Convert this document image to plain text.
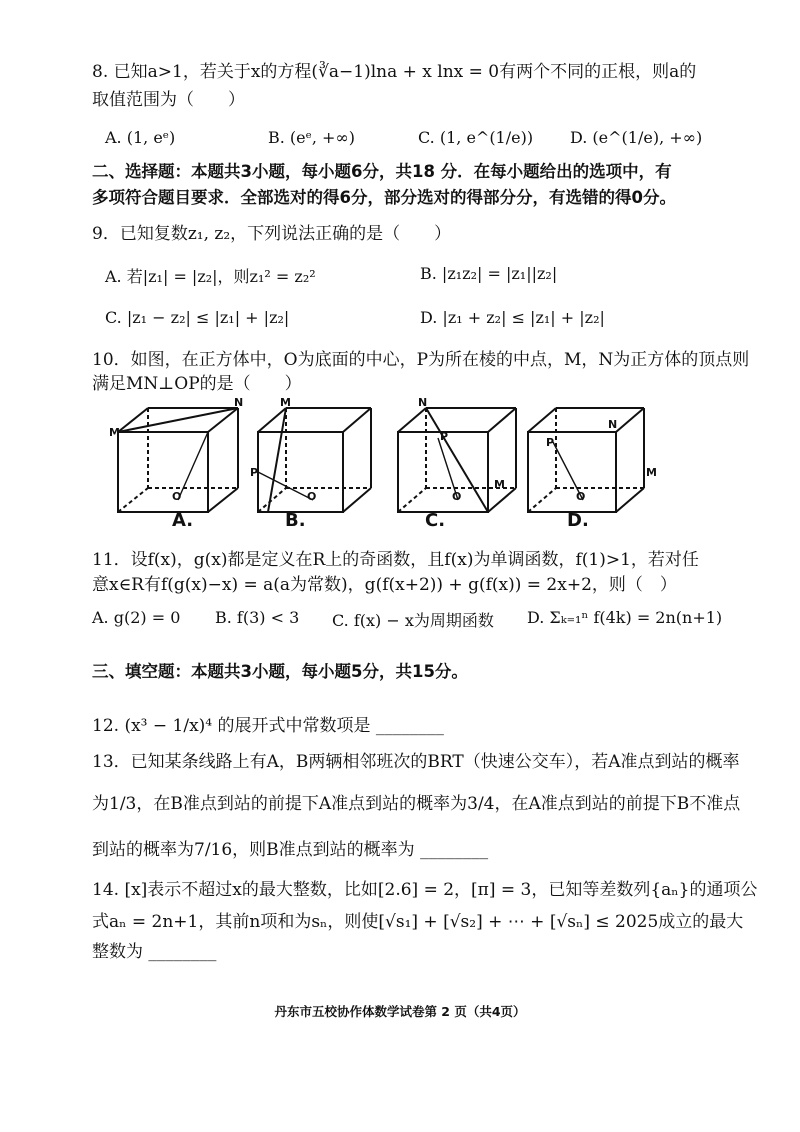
8. 已知a>1，若关于x的方程(∛a−1)lna + x lnx = 0有两个不同的正根，则a的
取值范围为（　　）
A. (1, eᵉ)	B. (eᵉ, +∞)	C. (1, e^(1/e)) D. (e^(1/e), +∞)
二、选择题：本题共3小题，每小题6分，共18 分．在每小题给出的选项中，有
多项符合题目要求．全部选对的得6分，部分选对的得部分分，有选错的得0分。
9．已知复数z₁, z₂，下列说法正确的是（　　）
A. 若|z₁| = |z₂|，则z₁² = z₂²	B. |z₁z₂| = |z₁||z₂|
C. |z₁ − z₂| ≤ |z₁| + |z₂|	D. |z₁ + z₂| ≤ |z₁| + |z₂|
10．如图，在正方体中，O为底面的中心，P为所在棱的中点，M，N为正方体的顶点则
满足MN⊥OP的是（　　）
M
N
O
M
P
O
N
P
O
M
P
O
N
M
A.	B.	C.	D.
11．设f(x)，g(x)都是定义在R上的奇函数，且f(x)为单调函数，f(1)>1，若对任
意x∈R有f(g(x)−x) = a(a为常数)，g(f(x+2)) + g(f(x)) = 2x+2，则（　）
A. g(2) = 0 B. f(3) < 3 C. f(x) − x为周期函数 D. Σₖ₌₁ⁿ f(4k) = 2n(n+1)
三、填空题：本题共3小题，每小题5分，共15分。
12. (x³ − 1/x)⁴ 的展开式中常数项是 ________
13．已知某条线路上有A，B两辆相邻班次的BRT（快速公交车），若A准点到站的概率
为1/3，在B准点到站的前提下A准点到站的概率为3/4，在A准点到站的前提下B不准点
到站的概率为7/16，则B准点到站的概率为 ________
14. [x]表示不超过x的最大整数，比如[2.6] = 2，[π] = 3，已知等差数列{aₙ}的通项公
式aₙ = 2n+1，其前n项和为sₙ，则使[√s₁] + [√s₂] + ⋯ + [√sₙ] ≤ 2025成立的最大
整数为 ________
丹东市五校协作体数学试卷第 2 页（共4页）
